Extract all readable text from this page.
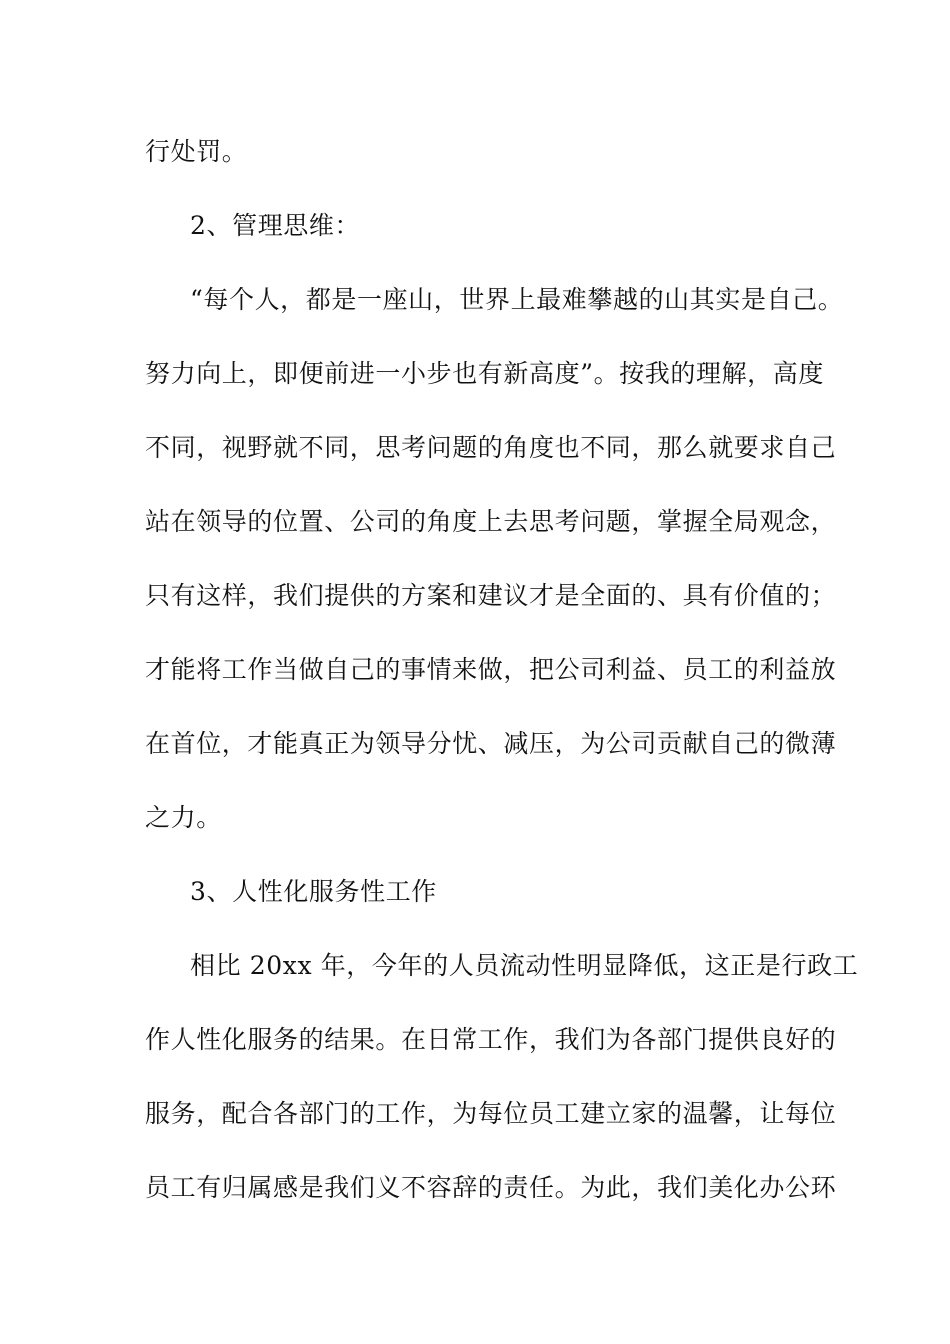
行处罚。
2、管理思维：
“每个人，都是一座山，世界上最难攀越的山其实是自己。
努力向上，即便前进一小步也有新高度”。按我的理解，高度
不同，视野就不同，思考问题的角度也不同，那么就要求自己
站在领导的位置、公司的角度上去思考问题，掌握全局观念，
只有这样，我们提供的方案和建议才是全面的、具有价值的；
才能将工作当做自己的事情来做，把公司利益、员工的利益放
在首位，才能真正为领导分忧、减压，为公司贡献自己的微薄
之力。
3、人性化服务性工作
相比 20xx 年，今年的人员流动性明显降低，这正是行政工
作人性化服务的结果。在日常工作，我们为各部门提供良好的
服务，配合各部门的工作，为每位员工建立家的温馨，让每位
员工有归属感是我们义不容辞的责任。为此，我们美化办公环
